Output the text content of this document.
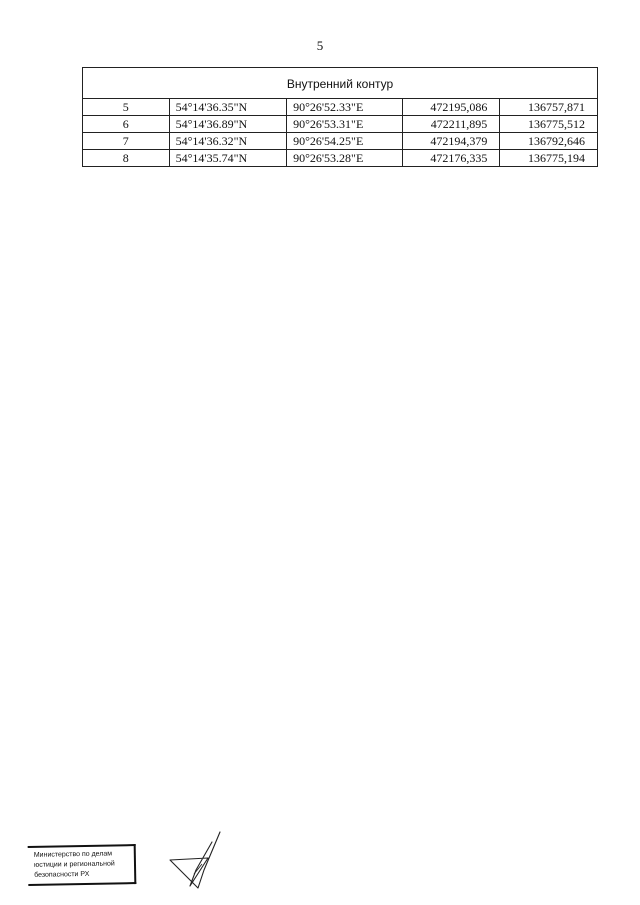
5
Внутренний контур				
5	54°14'36.35"N	90°26'52.33"E	472195,086	136757,871
6	54°14'36.89"N	90°26'53.31"E	472211,895	136775,512
7	54°14'36.32"N	90°26'54.25"E	472194,379	136792,646
8	54°14'35.74"N	90°26'53.28"E	472176,335	136775,194
Министерство по делам
юстиции и региональной
безопасности РХ
